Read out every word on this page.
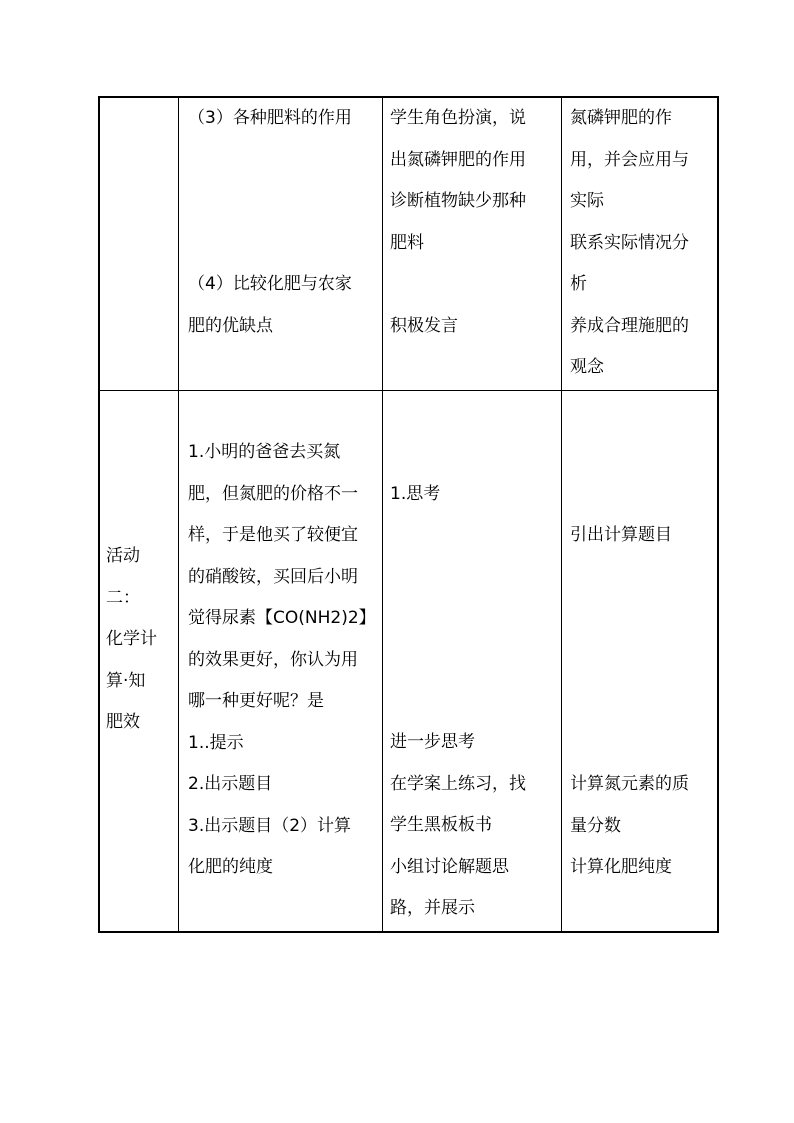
（3）各种肥料的作用
（4）比较化肥与农家
肥的优缺点
学生角色扮演，说
出氮磷钾肥的作用
诊断植物缺少那种
肥料
积极发言
氮磷钾肥的作
用，并会应用与
实际
联系实际情况分
析
养成合理施肥的
观念
活动
二：
化学计
算·知
肥效
1.小明的爸爸去买氮
肥，但氮肥的价格不一
样，于是他买了较便宜
的硝酸铵，买回后小明
觉得尿素【CO(NH2)2】
的效果更好，你认为用
哪一种更好呢？是
1..提示
2.出示题目
3.出示题目（2）计算
化肥的纯度
1.思考
进一步思考
在学案上练习，找
学生黑板板书
小组讨论解题思
路，并展示
引出计算题目
计算氮元素的质
量分数
计算化肥纯度
